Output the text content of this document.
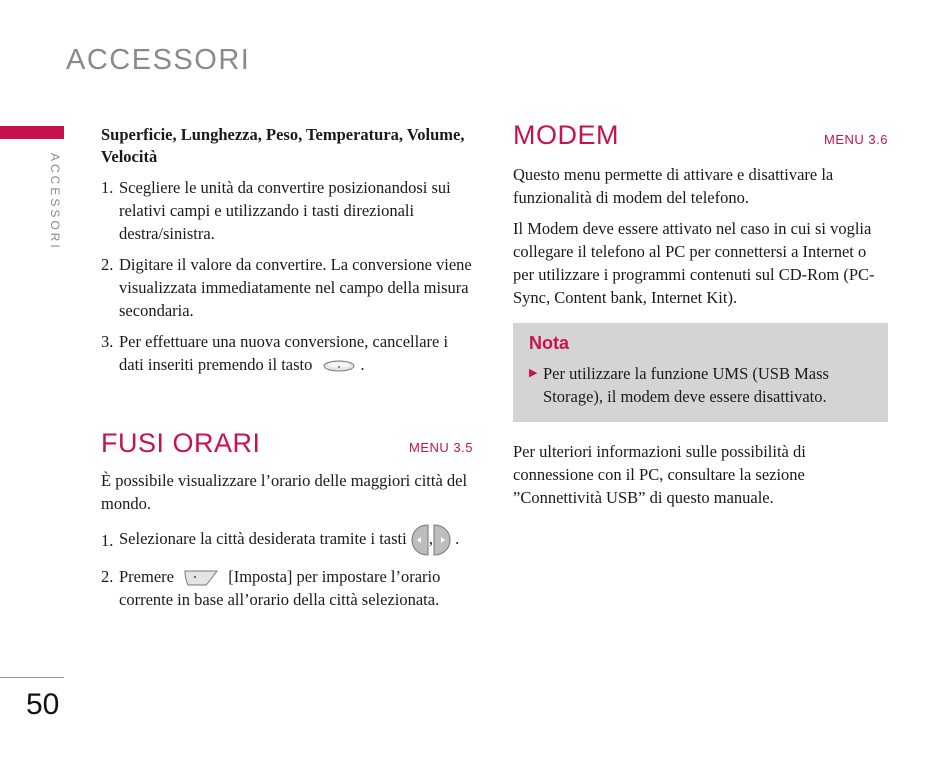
ACCESSORI
ACCESSORI
50
Superficie, Lunghezza, Peso, Temperatura, Volume, Velocità
1. Scegliere le unità da convertire posizionandosi sui relativi campi e utilizzando i tasti direzionali destra/sinistra.
2. Digitare il valore da convertire. La conversione viene visualizzata immediatamente nel campo della misura secondaria.
3. Per effettuare una nuova conversione, cancellare i dati inseriti premendo il tasto	.
FUSI ORARI	MENU 3.5
È possibile visualizzare l’orario delle maggiori città del mondo.
1. Selezionare la città desiderata tramite i tasti , .
2. Premere	[Imposta] per impostare l’orario corrente in base all’orario della città selezionata.
MODEM	MENU 3.6
Questo menu permette di attivare e disattivare la funzionalità di modem del telefono.
Il Modem deve essere attivato nel caso in cui si voglia collegare il telefono al PC per connettersi a Internet o per utilizzare i programmi contenuti sul CD-Rom (PC-Sync, Content bank, Internet Kit).
Nota
▶ Per utilizzare la funzione UMS (USB Mass Storage), il modem deve essere disattivato.
Per ulteriori informazioni sulle possibilità di connessione con il PC, consultare la sezione ”Connettività USB” di questo manuale.
